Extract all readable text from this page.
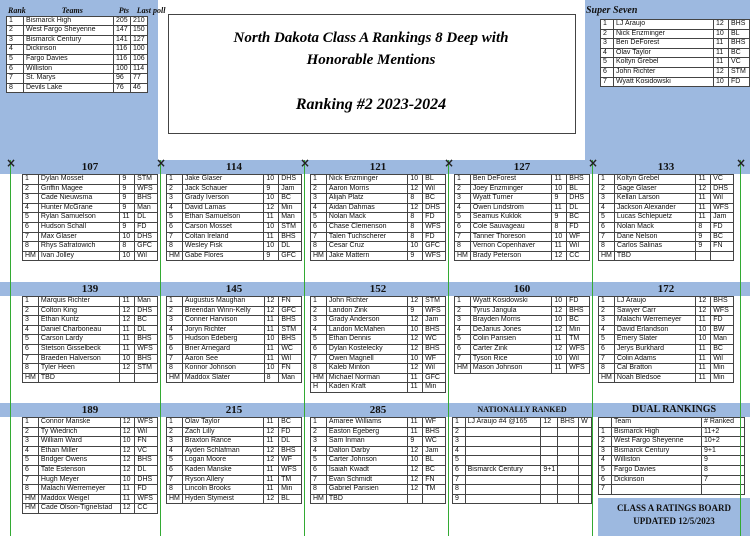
Rank	Teams	Pts	Last poll
1	Bismarck High	205	210
2	West Fargo Sheyenne	147	150
3	Bismarck Century	141	127
4	Dickinson	116	100
5	Fargo Davies	116	106
6	Williston	100	114
7	St. Marys	96	77
8	Devils Lake	76	46
North Dakota Class A Rankings 8 Deep with
Honorable Mentions
Ranking #2 2023-2024
Super Seven
1	LJ Araujo	12	BHS
2	Nick Enzminger	10	BL
3	Ben DeForest	11	BHS
4	Olav Taylor	11	BC
5	Koltyn Grebel	11	VC
6	John Richter	12	STM
7	Wyatt Kosidowski	10	FD
107
1	Dylan Mosset	9	STM
2	Griffin Magee	9	WFS
3	Cade Nieuwsma	9	BHS
4	Hunter McGrane	9	Man
5	Rylan Samuelson	11	DL
6	Hudson Schall	9	FD
7	Max Glaser	10	DHS
8	Rhys Safratowich	8	GFC
HM	Ivan Jolley	10	Wil
114
1	Jake Glaser	10	DHS
2	Jack Schauer	9	Jam
3	Grady Iverson	10	BC
4	David Lamas	12	Min
5	Ethan Samuelson	11	Man
6	Carson Mosset	10	STM
7	Coltan Ireland	11	BHS
8	Wesley Fisk	10	DL
HM	Gabe Flores	9	GFC
121
1	Nick Enzminger	10	BL
2	Aaron Morris	12	Wil
3	Alijah Platz	8	BC
4	Aidan Dahmas	12	DHS
5	Nolan Mack	8	FD
6	Chase Clemenson	8	WFS
7	Talen Tuchscherer	8	FD
8	Cesar Cruz	10	GFC
HM	Jake Mattern	9	WFS
127
1	Ben DeForest	11	BHS
2	Joey Enzminger	10	BL
3	Wyatt Turner	9	DHS
4	Owen Lindstrom	11	DL
5	Seamus Kuklok	9	BC
6	Cole Sauvageau	8	FD
7	Tanner Thoreson	10	WF
8	Vernon Copenhaver	11	Wil
HM	Brady Peterson	12	CC
133
1	Koltyn Grebel	11	VC
2	Gage Glaser	12	DHS
3	Kellan Larson	11	Wil
4	Jackson Alexander	11	WFS
5	Lucas Schlepuetz	11	Jam
6	Nolan Mack	8	FD
7	Dane Nelson	9	BC
8	Carlos Salinas	9	FN
HM	TBD		
139
1	Marquis Richter	11	Man
2	Colton King	12	DHS
3	Ethan Kuntz	12	BC
4	Daniel Charboneau	11	DL
5	Carson Lardy	11	BHS
6	Stetson Gisselbeck	11	WFS
7	Braeden Halverson	10	BHS
8	Tyler Heen	12	STM
HM	TBD		
145
1	Augustus Maughan	12	FN
2	Breendan Winn-Kelly	12	GFC
3	Conner Harvison	11	BHS
4	Joryn Richter	11	STM
5	Hudson Edeberg	10	BHS
6	Brier Arnegard	11	WC
7	Aaron See	11	Wil
8	Konnor Johnson	10	FN
HM	Maddox Slater	8	Man
152
1	John Richter	12	STM
2	Landon Zink	9	WFS
3	Grady Anderson	12	Jam
4	Landon McMahen	10	BHS
5	Ethan Dennis	12	WC
6	Dylan Kostelecky	12	BHS
7	Owen Magnell	10	WF
8	Kaleb Minton	12	Wil
HM	Michael Norman	11	GFC
H	Kaden Kraft	11	Min
160
1	Wyatt Kosidowski	10	FD
2	Tyrus Jangula	12	BHS
3	Brayden Morris	10	BC
4	DeJarius Jones	12	Min
5	Colin Parisien	11	TM
6	Carter Zink	12	WFS
7	Tyson Rice	10	Wil
HM	Mason Johnson	11	WFS
172
1	LJ Araujo	12	BHS
2	Sawyer Carr	12	WFS
3	Malachi Werremeyer	11	FD
4	David Erlandson	10	BW
5	Emery Slater	10	Man
6	Jerys Burkhard	11	BC
7	Colin Adams	11	Wil
8	Cal Bratton	11	Min
HM	Noah Bledsoe	11	Min
189
1	Connor Manske	12	WFS
2	Ty Wiedrich	12	Wil
3	William Ward	10	FN
4	Ethan Miller	12	VC
5	Bridger Owens	12	BHS
6	Tate Estenson	12	DL
7	Hugh Meyer	10	DHS
8	Malachi Werremeyer	11	FD
HM	Maddox Weigel	11	WFS
HM	Cade Olson-Tignelstad	12	CC
215
1	Olav Taylor	11	BC
2	Zach Lilly	12	FD
3	Braxton Rance	11	DL
4	Ayden Schlafman	12	BHS
5	Logan Moore	12	WF
6	Kaden Manske	11	WFS
7	Ryson Allery	11	TM
8	Lincoln Brooks	11	Min
HM	Hyden Stymeist	12	BL
285
1	Amaree Williams	11	WF
2	Easton Egeberg	11	BHS
3	Sam Inman	9	WC
4	Dalton Darby	12	Jam
5	Carter Johnson	10	BL
6	Isaiah Kwadt	12	BC
7	Evan Schmidt	12	FN
8	Gabriel Parisien	12	TM
HM	TBD		
NATIONALLY RANKED
1	LJ Araujo #4 @165	12	BHS	W
2				
3				
4				
5				
6	Bismarck Century	9+1		
7				
8				
9				
DUAL RANKINGS
	Team	# Ranked
1	Bismarck High	11+2
2	West Fargo Sheyenne	10+2
3	Bismarck Century	9+1
4	Williston	9
5	Fargo Davies	8
6	Dickinson	7
7		
CLASS A RATINGS BOARD
UPDATED 12/5/2023
×	×	×	×	×	×
